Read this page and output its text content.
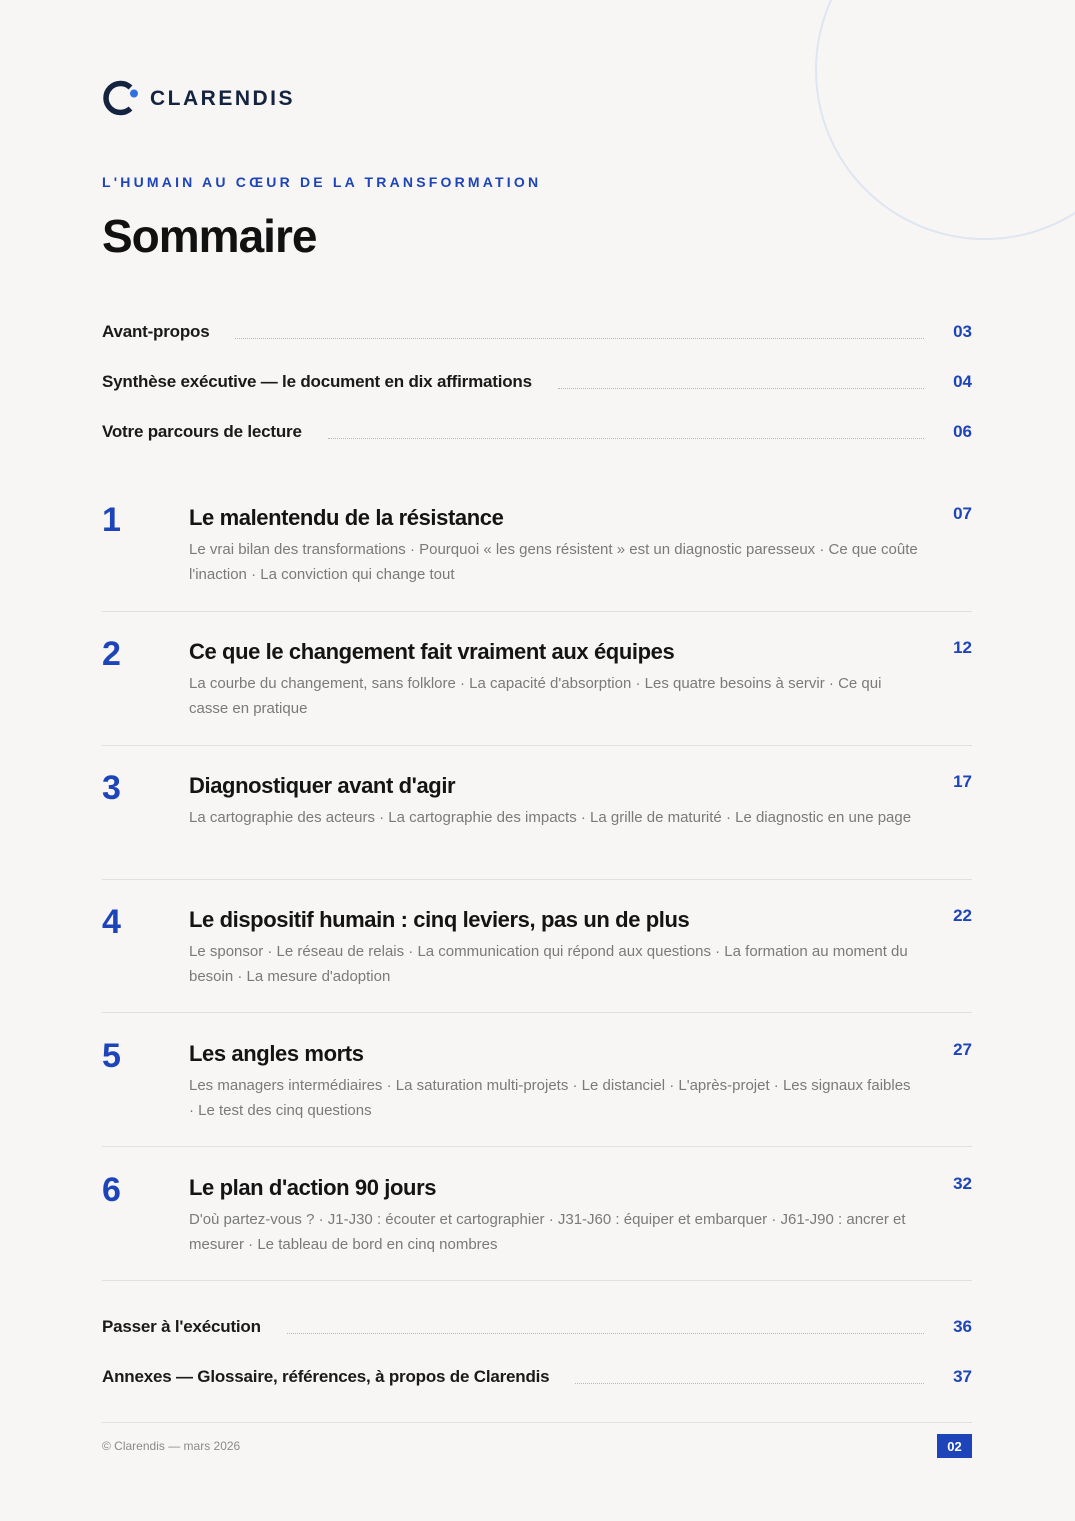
CLARENDIS
L'HUMAIN AU CŒUR DE LA TRANSFORMATION
Sommaire
Avant-propos	03
Synthèse exécutive — le document en dix affirmations	04
Votre parcours de lecture	06
1	Le malentendu de la résistance	07
Le vrai bilan des transformations · Pourquoi « les gens résistent » est un diagnostic paresseux · Ce que coûte l'inaction · La conviction qui change tout
2	Ce que le changement fait vraiment aux équipes	12
La courbe du changement, sans folklore · La capacité d'absorption · Les quatre besoins à servir · Ce qui casse en pratique
3	Diagnostiquer avant d'agir	17
La cartographie des acteurs · La cartographie des impacts · La grille de maturité · Le diagnostic en une page
4	Le dispositif humain : cinq leviers, pas un de plus	22
Le sponsor · Le réseau de relais · La communication qui répond aux questions · La formation au moment du besoin · La mesure d'adoption
5	Les angles morts	27
Les managers intermédiaires · La saturation multi-projets · Le distanciel · L'après-projet · Les signaux faibles · Le test des cinq questions
6	Le plan d'action 90 jours	32
D'où partez-vous ? · J1-J30 : écouter et cartographier · J31-J60 : équiper et embarquer · J61-J90 : ancrer et mesurer · Le tableau de bord en cinq nombres
Passer à l'exécution	36
Annexes — Glossaire, références, à propos de Clarendis	37
© Clarendis — mars 2026	02
